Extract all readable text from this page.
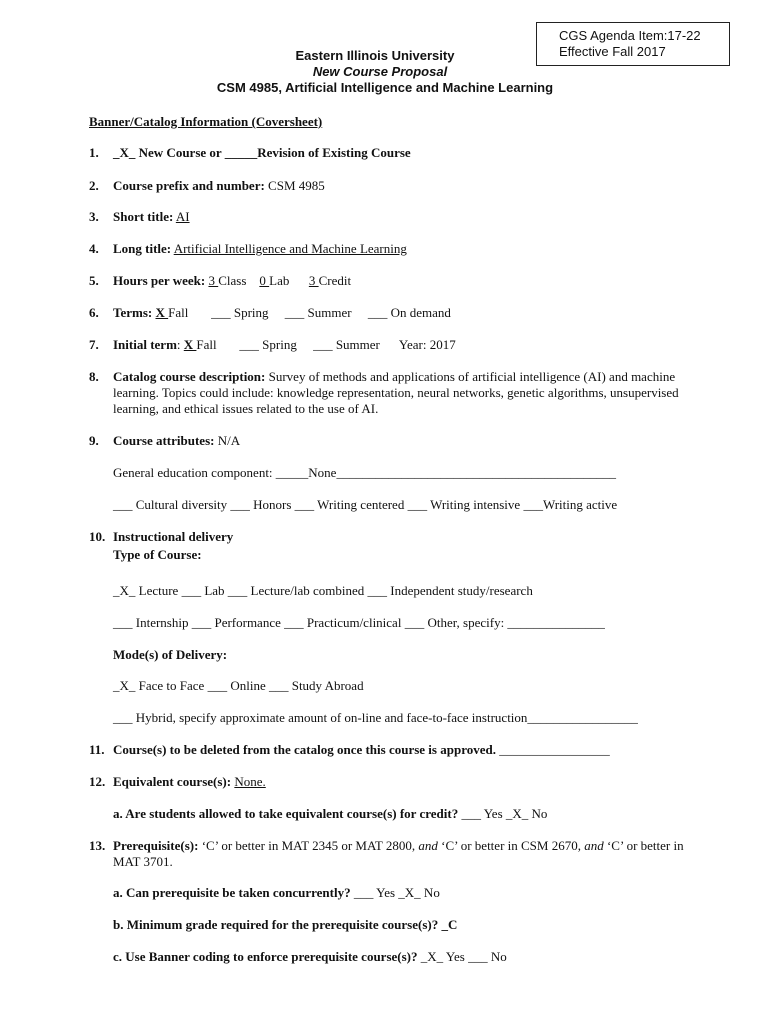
CGS Agenda Item:17-22
Effective Fall 2017
Eastern Illinois University
New Course Proposal
CSM 4985, Artificial Intelligence and Machine Learning
Banner/Catalog Information (Coversheet)
1. _X_ New Course or _____Revision of Existing Course
2. Course prefix and number: CSM 4985
3. Short title: AI
4. Long title: Artificial Intelligence and Machine Learning
5. Hours per week: 3 Class    0 Lab      3 Credit
6. Terms: X Fall ___ Spring ___ Summer ___ On demand
7. Initial term: X Fall ___ Spring ___ Summer Year: 2017
8.	Catalog course description: Survey of methods and applications of artificial intelligence (AI) and machine learning. Topics could include: knowledge representation, neural networks, genetic algorithms, unsupervised learning, and ethical issues related to the use of AI.
9. Course attributes: N/A
General education component: _____None___________________________________________
___ Cultural diversity ___ Honors ___ Writing centered ___ Writing intensive ___Writing active
10. Instructional delivery
Type of Course:
_X_ Lecture ___ Lab ___ Lecture/lab combined ___ Independent study/research
___ Internship ___ Performance ___ Practicum/clinical ___ Other, specify: _______________
Mode(s) of Delivery:
_X_ Face to Face ___ Online ___ Study Abroad
___ Hybrid, specify approximate amount of on-line and face-to-face instruction_________________
11. Course(s) to be deleted from the catalog once this course is approved. _________________
12. Equivalent course(s): None.
a. Are students allowed to take equivalent course(s) for credit? ___ Yes _X_ No
13. Prerequisite(s): ‘C’ or better in MAT 2345 or MAT 2800, and ‘C’ or better in CSM 2670, and ‘C’ or better in MAT 3701.
a. Can prerequisite be taken concurrently? ___ Yes _X_ No
b. Minimum grade required for the prerequisite course(s)? _C
c. Use Banner coding to enforce prerequisite course(s)? _X_ Yes ___ No
